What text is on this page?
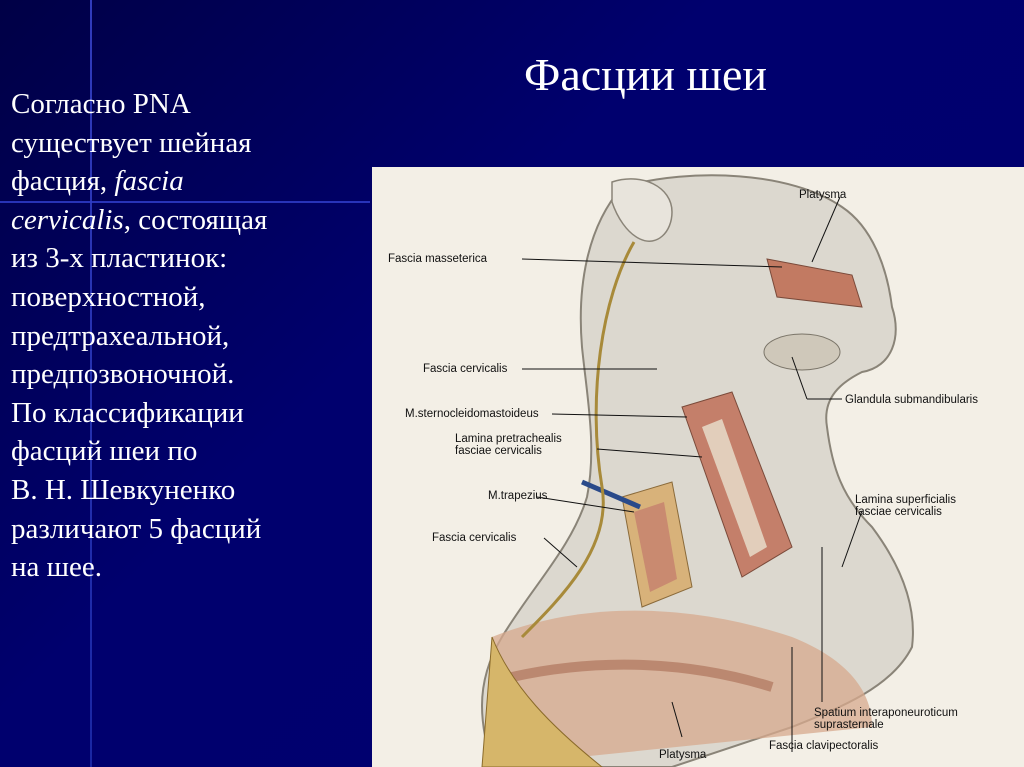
Фасции шеи

Согласно PNA

существует шейная

фасция, fascia

cervicalis, состоящая

из 3-х пластинок:

поверхностной,

предтрахеальной,

предпозвоночной.

По классификации

фасций шеи по

В. Н. Шевкуненко

различают 5 фасций

на шее.

Platysma
Fascia masseterica
Fascia cervicalis
Glandula submandibularis
M.sternocleidomastoideus
Lamina pretrachealis
fasciae cervicalis
M.trapezius
Fascia cervicalis
Lamina superficialis
fasciae cervicalis
Spatium interaponeuroticum
suprasternale
Platysma
Fascia clavipectoralis
